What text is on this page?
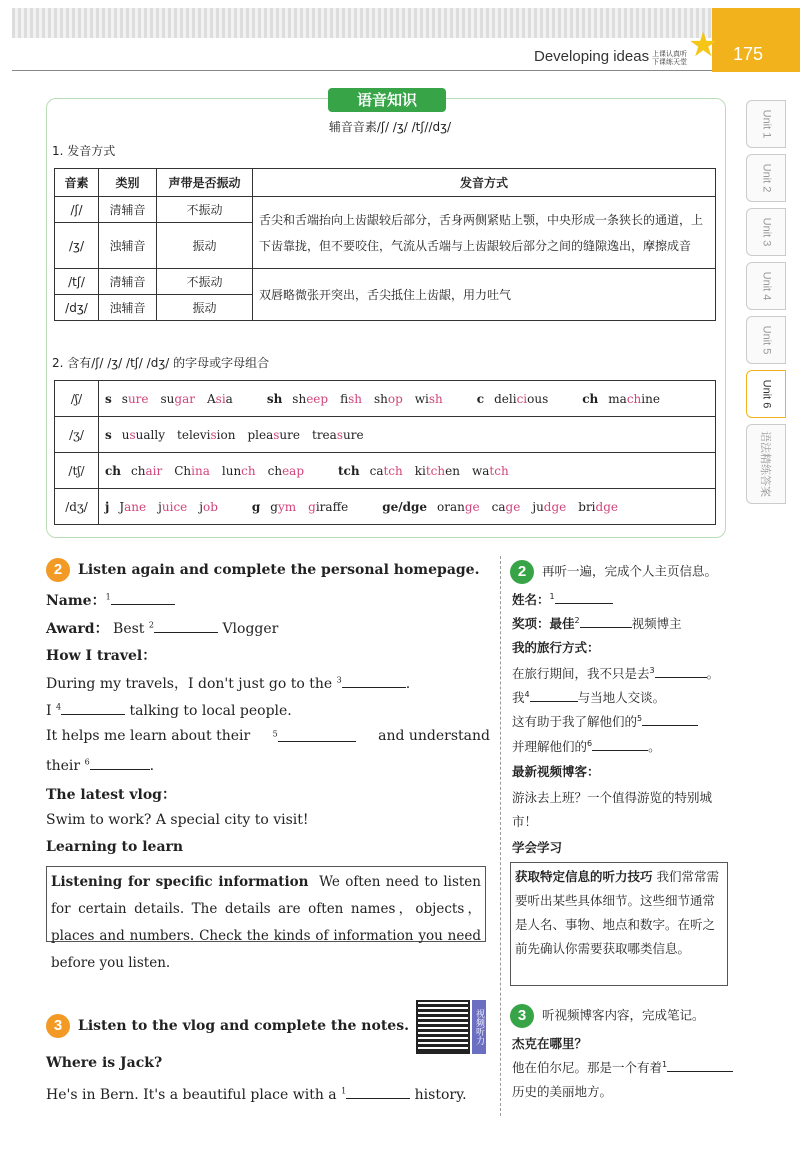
Developing ideas 上课认真听
下课练天堂 ★ 175
Unit 1
Unit 2
Unit 3
Unit 4
Unit 5
Unit 6
语法精练答案
语音知识
辅音音素/ʃ/ /ʒ/ /tʃ//dʒ/
1. 发音方式
音素	类别	声带是否振动	发音方式
/ʃ/	清辅音	不振动	舌尖和舌端抬向上齿龈较后部分，舌身两侧紧贴上颚，中央形成一条狭长的通道，上下齿靠拢，但不要咬住，气流从舌端与上齿龈较后部分之间的缝隙逸出，摩擦成音
/ʒ/	浊辅音	振动	
/tʃ/	清辅音	不振动	双唇略微张开突出，舌尖抵住上齿龈，用力吐气
/dʒ/	浊辅音	振动	
2. 含有/ʃ/ /ʒ/ /tʃ/ /dʒ/ 的字母或字母组合
/ʃ/	s sure sugar Asia sh sheep fish shop wish c delicious ch machine
/ʒ/	s usually television pleasure treasure
/tʃ/	ch chair China lunch cheap tch catch kitchen watch
/dʒ/	j Jane juice job g gym giraffe ge/dge orange cage judge bridge
2 Listen again and complete the personal homepage.
Name：$^1$
Award： Best $^2$	Vlogger
How I travel：
During my travels，I don't just go to the $^3$	.
I $^4$	talking to local people.
It helps me learn about their	$^5$	and understand
their $^6$	.
The latest vlog：
Swim to work? A special city to visit!
Learning to learn
Listening for specific information We often need to listen for certain details. The details are often names，objects，places and numbers. Check the kinds of information you need before you listen.
3 Listen to the vlog and complete the notes.	视频听力
Where is Jack?
He's in Bern. It's a beautiful place with a $^1$	history.
2 再听一遍，完成个人主页信息。
姓名：$^1$
奖项：最佳$^2$	视频博主
我的旅行方式：
在旅行期间，我不只是去$^3$	。
我$^4$	与当地人交谈。
这有助于我了解他们的$^5$
并理解他们的$^6$	。
最新视频博客：
游泳去上班？一个值得游览的特别城市！
学会学习
获取特定信息的听力技巧 我们常常需要听出某些具体细节。这些细节通常是人名、事物、地点和数字。在听之前先确认你需要获取哪类信息。
3 听视频博客内容，完成笔记。
杰克在哪里？
他在伯尔尼。那是一个有着$^1$
历史的美丽地方。
